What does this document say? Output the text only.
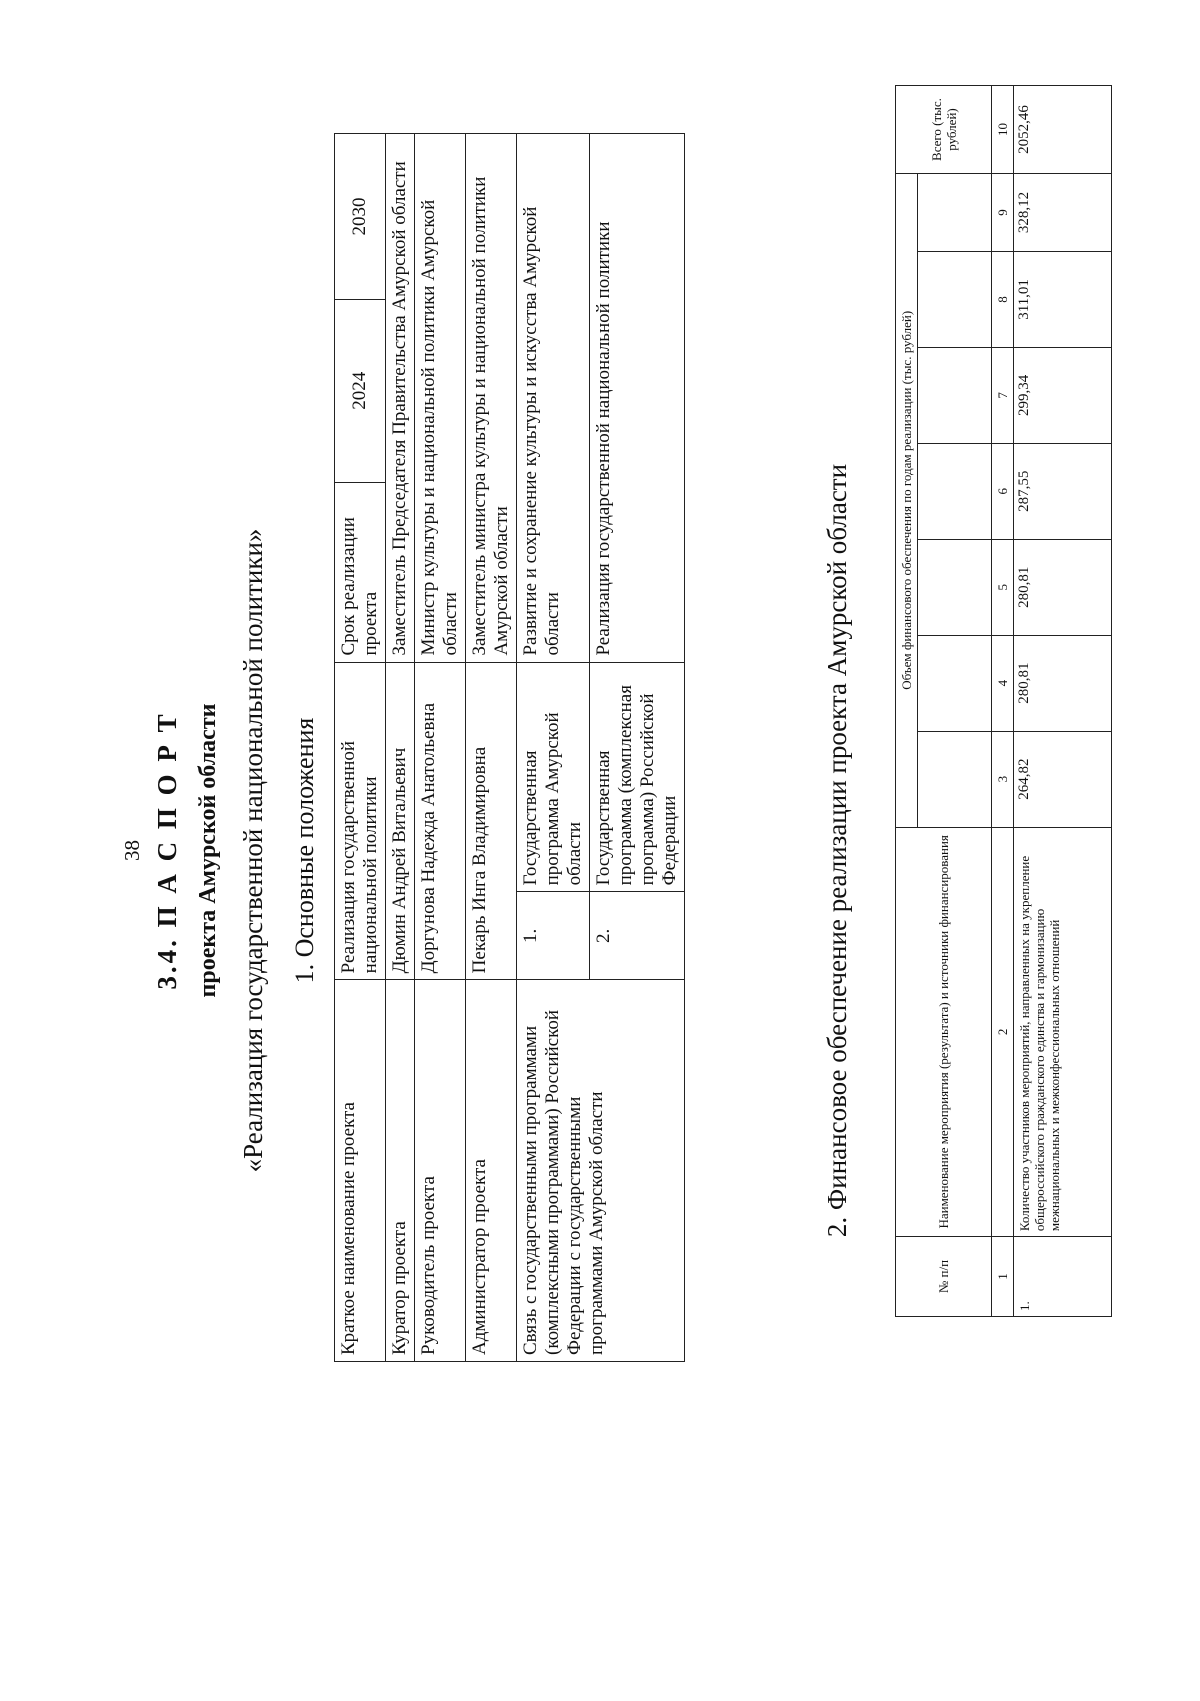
38 3.4. П А С П О Р Т проекта Амурской области «Реализация государственной национальной политики» 1. Основные положения
Краткое наименование проекта	Реализация государственной национальной политики		Срок реализации проекта	2024	2030
Куратор проекта	Дюмин Андрей Витальевич		Заместитель Председателя Правительства Амурской области		
Руководитель проекта	Доргунова Надежда Анатольевна		Министр культуры и национальной политики Амурской области		
Администратор проекта	Пекарь Инга Владимировна		Заместитель министра культуры и национальной политики Амурской области		
Связь с государственными программами (комплексными программами) Российской Федерации с государственными программами Амурской области	1.	Государственная программа Амурской области	Развитие и сохранение культуры и искусства Амурской области		
	2.	Государственная программа (комплексная программа) Российской Федерации	Реализация государственной национальной политики		
2. Финансовое обеспечение реализации проекта Амурской области
№ п/п	Наименование мероприятия (результата) и источники финансирования	Объем финансового обеспечения по годам реализации (тыс. рублей)							Всего (тыс. рублей)

1	2	3	4	5	6	7	8	9	10
1.	Количество участников мероприятий, направленных на укрепление общероссийского гражданского единства и гармонизацию межнациональных и межконфессиональных отношений	264,82	280,81	280,81	287,55	299,34	311,01	328,12	2052,46
